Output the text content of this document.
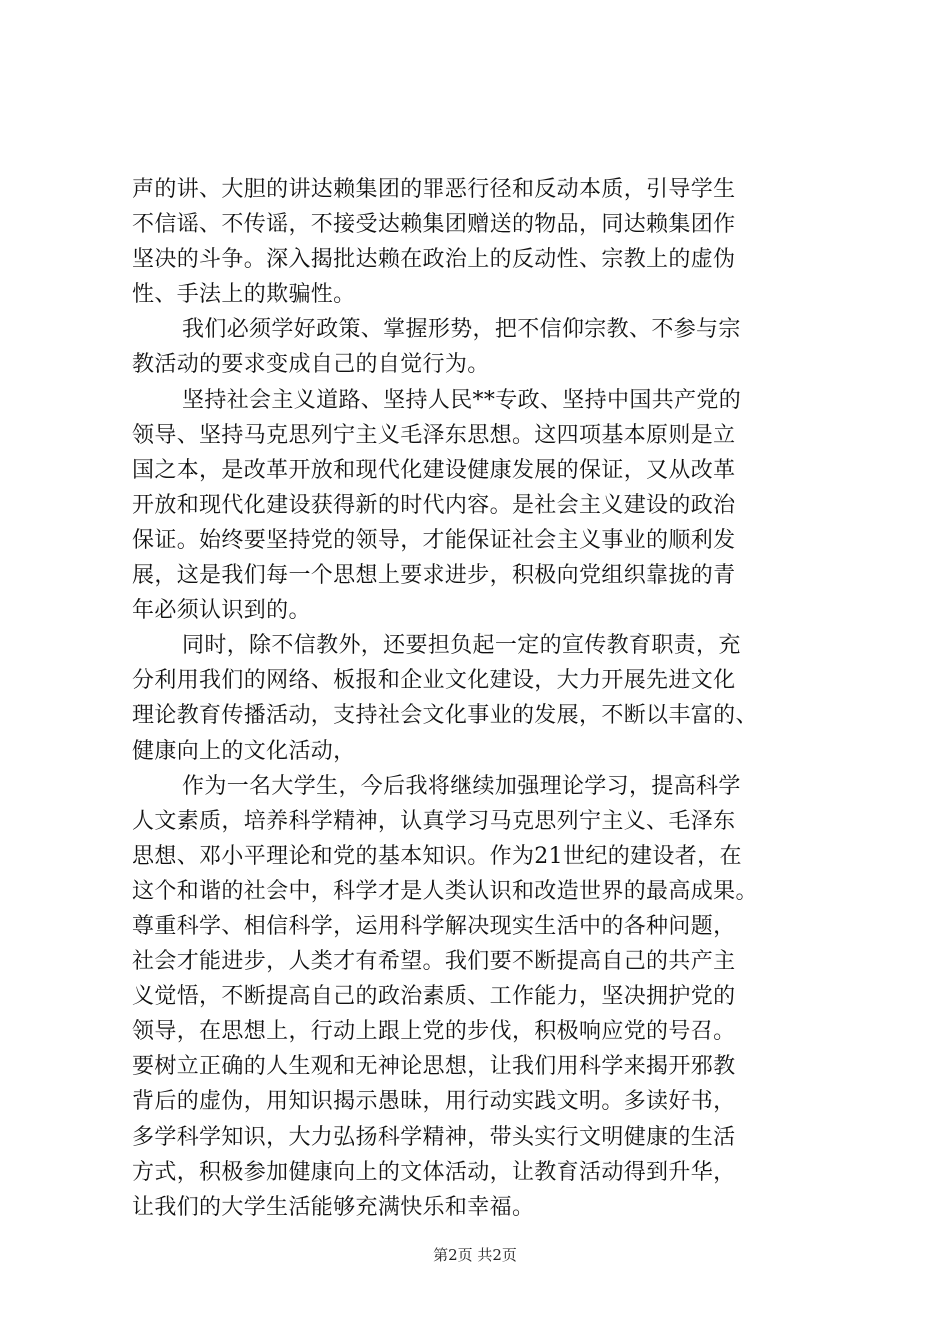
声的讲、大胆的讲达赖集团的罪恶行径和反动本质，引导学生
不信谣、不传谣，不接受达赖集团赠送的物品，同达赖集团作
坚决的斗争。深入揭批达赖在政治上的反动性、宗教上的虚伪
性、手法上的欺骗性。
我们必须学好政策、掌握形势，把不信仰宗教、不参与宗
教活动的要求变成自己的自觉行为。
坚持社会主义道路、坚持人民**专政、坚持中国共产党的
领导、坚持马克思列宁主义毛泽东思想。这四项基本原则是立
国之本，是改革开放和现代化建设健康发展的保证，又从改革
开放和现代化建设获得新的时代内容。是社会主义建设的政治
保证。始终要坚持党的领导，才能保证社会主义事业的顺利发
展，这是我们每一个思想上要求进步，积极向党组织靠拢的青
年必须认识到的。
同时，除不信教外，还要担负起一定的宣传教育职责，充
分利用我们的网络、板报和企业文化建设，大力开展先进文化
理论教育传播活动，支持社会文化事业的发展，不断以丰富的、
健康向上的文化活动，
作为一名大学生，今后我将继续加强理论学习，提高科学
人文素质，培养科学精神，认真学习马克思列宁主义、毛泽东
思想、邓小平理论和党的基本知识。作为21世纪的建设者，在
这个和谐的社会中，科学才是人类认识和改造世界的最高成果。
尊重科学、相信科学，运用科学解决现实生活中的各种问题，
社会才能进步，人类才有希望。我们要不断提高自己的共产主
义觉悟，不断提高自己的政治素质、工作能力，坚决拥护党的
领导，在思想上，行动上跟上党的步伐，积极响应党的号召。
要树立正确的人生观和无神论思想，让我们用科学来揭开邪教
背后的虚伪，用知识揭示愚昧，用行动实践文明。多读好书，
多学科学知识，大力弘扬科学精神，带头实行文明健康的生活
方式，积极参加健康向上的文体活动，让教育活动得到升华，
让我们的大学生活能够充满快乐和幸福。
第2页 共2页
